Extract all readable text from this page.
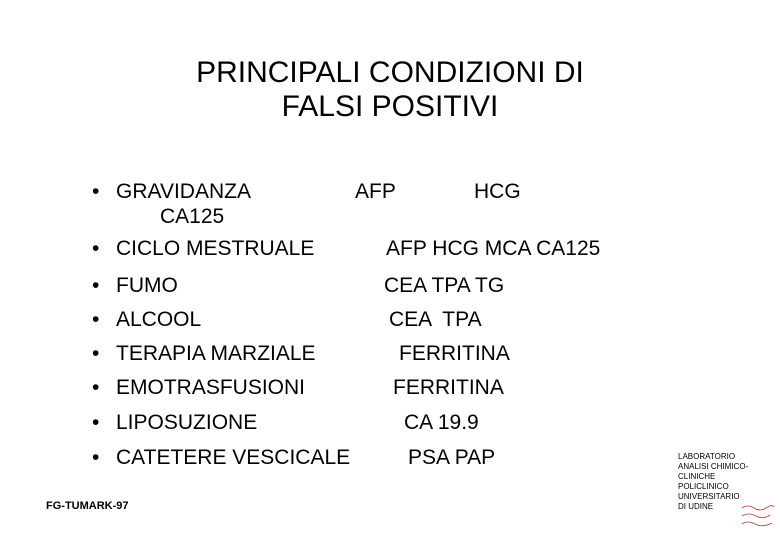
PRINCIPALI CONDIZIONI DI
FALSI POSITIVI
• GRAVIDANZA	AFP	HCG
CA125
• CICLO MESTRUALE	AFP HCG MCA CA125
• FUMO	CEA TPA TG
• ALCOOL	CEA  TPA
• TERAPIA MARZIALE	FERRITINA
• EMOTRASFUSIONI	FERRITINA
• LIPOSUZIONE	CA 19.9
• CATETERE VESCICALE	PSA PAP
FG-TUMARK-97
LABORATORIO
ANALISI CHIMICO-
CLINICHE
POLICLINICO
UNIVERSITARIO
DI UDINE
